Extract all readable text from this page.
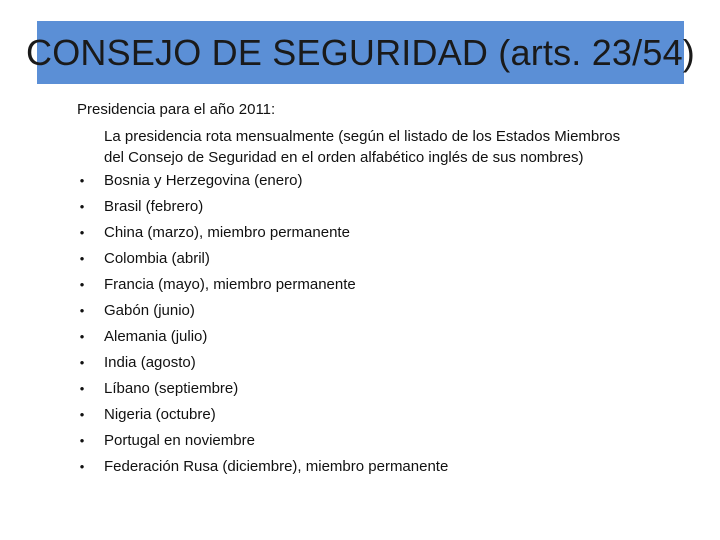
CONSEJO DE SEGURIDAD (arts. 23/54)
Presidencia para el año 2011:
La presidencia rota mensualmente (según el listado de los Estados Miembros del Consejo de Seguridad en el orden alfabético inglés de sus nombres)
• Bosnia y Herzegovina (enero)
• Brasil (febrero)
• China (marzo), miembro permanente
• Colombia (abril)
• Francia (mayo), miembro permanente
• Gabón (junio)
• Alemania (julio)
• India (agosto)
• Líbano (septiembre)
• Nigeria (octubre)
• Portugal en noviembre
• Federación Rusa (diciembre), miembro permanente
